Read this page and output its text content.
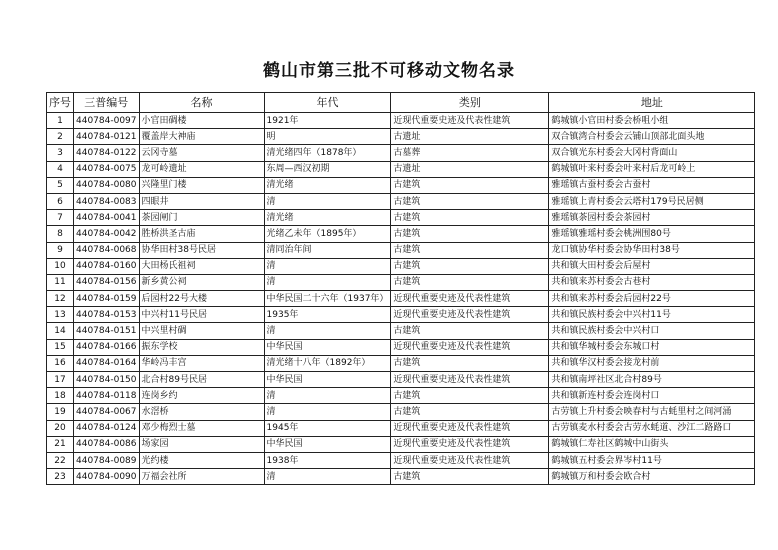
鹤山市第三批不可移动文物名录
序号	三普编号	名称	年代	类别	地址
1	440784-0097	小官田碉楼	1921年	近现代重要史迹及代表性建筑	鹤城镇小官田村委会桥咀小组
2	440784-0121	覆盖岸大神庙	明	古遗址	双合镇湾合村委会云铺山顶部北面头地
3	440784-0122	云冈寺墓	清光绪四年（1878年）	古墓葬	双合镇光东村委会大冈村背面山
4	440784-0075	龙可岭遗址	东周—西汉初期	古遗址	鹤城镇叶来村委会叶来村后龙可岭上
5	440784-0080	兴隆里门楼	清光绪	古建筑	雅瑶镇古蚕村委会古蚕村
6	440784-0083	四眼井	清	古建筑	雅瑶镇上青村委会云塔村179号民居侧
7	440784-0041	茶园闸门	清光绪	古建筑	雅瑶镇茶园村委会茶园村
8	440784-0042	胜桥洪圣古庙	光绪乙未年（1895年）	古建筑	雅瑶镇雅瑶村委会桃洲围80号
9	440784-0068	协华田村38号民居	清同治年间	古建筑	龙口镇协华村委会协华田村38号
10	440784-0160	大田杨氏祖祠	清	古建筑	共和镇大田村委会后屋村
11	440784-0156	新乡黄公祠	清	古建筑	共和镇来苏村委会古巷村
12	440784-0159	后园村22号大楼	中华民国二十六年（1937年）	近现代重要史迹及代表性建筑	共和镇来苏村委会后园村22号
13	440784-0153	中兴村11号民居	1935年	近现代重要史迹及代表性建筑	共和镇民族村委会中兴村11号
14	440784-0151	中兴里村碉	清	古建筑	共和镇民族村委会中兴村口
15	440784-0166	振东学校	中华民国	近现代重要史迹及代表性建筑	共和镇华城村委会东城口村
16	440784-0164	华岭冯丰宫	清光绪十八年（1892年）	古建筑	共和镇华汉村委会接龙村前
17	440784-0150	北合村89号民居	中华民国	近现代重要史迹及代表性建筑	共和镇南坪社区北合村89号
18	440784-0118	连岗乡约	清	古建筑	共和镇新连村委会连岗村口
19	440784-0067	水滘桥	清	古建筑	古劳镇上升村委会映春村与古蚝里村之间河涌
20	440784-0124	邓少梅烈士墓	1945年	近现代重要史迹及代表性建筑	古劳镇麦水村委会古劳水蚝道、沙江二路路口
21	440784-0086	场家园	中华民国	近现代重要史迹及代表性建筑	鹤城镇仁寿社区鹤城中山街头
22	440784-0089	光约楼	1938年	近现代重要史迹及代表性建筑	鹤城镇五村委会界岑村11号
23	440784-0090	万福会社所	清	古建筑	鹤城镇万和村委会欧合村
